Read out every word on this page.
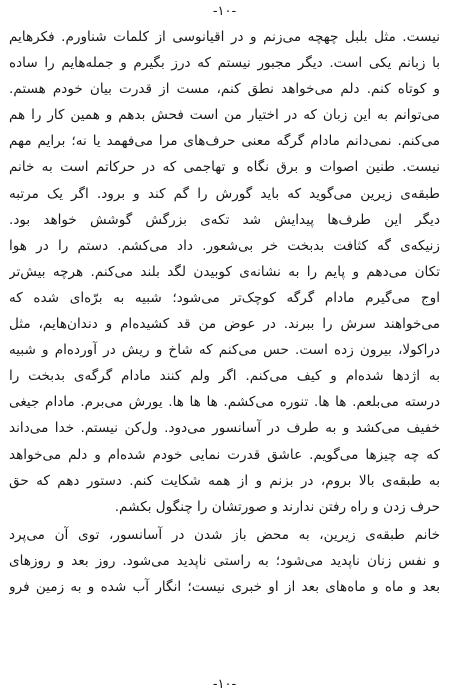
-۱۰-
نیست. مثل بلبل چهچه می‌زنم و در اقیانوسی از کلمات شناورم. فکرهایم
با زبانم یکی است. دیگر مجبور نیستم که درز بگیرم و جمله‌هایم را ساده
و کوتاه کنم. دلم می‌خواهد نطق کنم، مست از قدرت بیان خودم هستم.
می‌توانم به این زبان که در اختیار من است فحش بدهم و همین کار را هم
می‌کنم. نمی‌دانم مادام گرگه معنی حرف‌های مرا می‌فهمد یا نه؛ برایم مهم
نیست. طنین اصوات و برق نگاه و تهاجمی که در حرکاتم است به خانم
طبقه‌ی زیرین می‌گوید که باید گورش را گم کند و برود. اگر یک مرتبه
دیگر این طرف‌ها پیدایش شد تکه‌ی بزرگش گوشش خواهد بود.
زنیکه‌ی گه کثافت بدبخت خر بی‌شعور. داد می‌کشم. دستم را در هوا
تکان می‌دهم و پایم را به نشانه‌ی کوبیدن لگد بلند می‌کنم. هرچه بیش‌تر
اوج می‌گیرم مادام گرگه کوچک‌تر می‌شود؛ شبیه به برّه‌ای شده که
می‌خواهند سرش را ببرند. در عوض من قد کشیده‌ام و دندان‌هایم، مثل
دراکولا، بیرون زده است. حس می‌کنم که شاخ و ریش در آورده‌ام و شبیه
به اژدها شده‌ام و کیف می‌کنم. اگر ولم کنند مادام گرگه‌ی بدبخت را
درسته می‌بلعم. ها ها. تنوره می‌کشم. ها ها ها. یورش می‌برم. مادام جیغی
خفیف می‌کشد و به طرف در آسانسور می‌دود. ول‌کن نیستم. خدا می‌داند
که چه چیزها می‌گویم. عاشق قدرت نمایی خودم شده‌ام و دلم می‌خواهد
به طبقه‌ی بالا بروم، در بزنم و از همه شکایت کنم. دستور دهم که حق
حرف زدن و راه رفتن ندارند و صورتشان را چنگول بکشم.
خانم طبقه‌ی زیرین، به محض باز شدن در آسانسور، توی آن می‌پرد
و نفس زنان ناپدید می‌شود؛ به راستی ناپدید می‌شود. روز بعد و روزهای
بعد و ماه و ماه‌های بعد از او خبری نیست؛ انگار آب شده و به زمین فرو
-۱۰-
